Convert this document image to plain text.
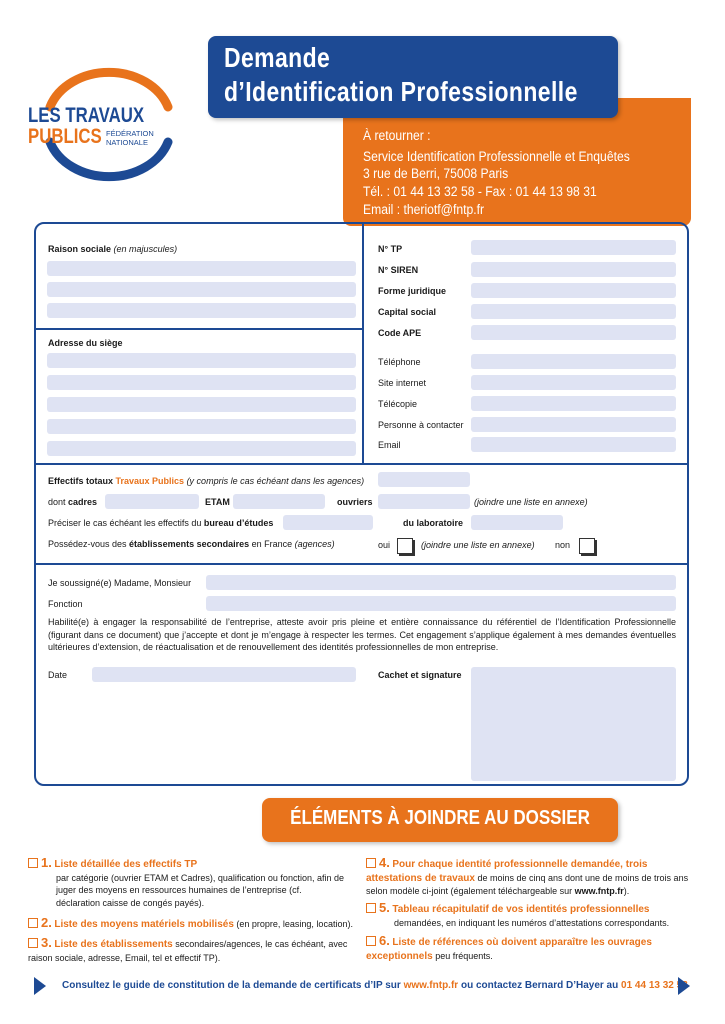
LES TRAVAUX
PUBLICS FÉDÉRATION
NATIONALE	À retourner :
Service Identification Professionnelle et Enquêtes
3 rue de Berri, 75008 Paris
Tél. : 01 44 13 32 58 - Fax : 01 44 13 98 31
Email : theriotf@fntp.fr
Demande
d’Identification Professionnelle
Raison sociale (en majuscules)
Adresse du siège
N° TP
N° SIREN
Forme juridique
Capital social
Code APE
Téléphone
Site internet
Télécopie
Personne à contacter
Email
Effectifs totaux Travaux Publics (y compris le cas échéant dans les agences)
dont cadres	ETAM	ouvriers	(joindre une liste en annexe)
Préciser le cas échéant les effectifs du bureau d’études	du laboratoire
Possédez-vous des établissements secondaires en France (agences)	oui	(joindre une liste en annexe) non
Je soussigné(e) Madame, Monsieur
Fonction
Habilité(e) à engager la responsabilité de l’entreprise, atteste avoir pris pleine et entière connaissance du référentiel de l’Identification Professionnelle (figurant dans ce document) que j’accepte et dont je m’engage à respecter les termes. Cet engagement s’applique également à mes demandes éventuelles ultérieures d’extension, de réactualisation et de renouvellement des identités professionnelles de mon entreprise.
Date	Cachet et signature
ÉLÉMENTS À JOINDRE AU DOSSIER
1. Liste détaillée des effectifs TP
par catégorie (ouvrier ETAM et Cadres), qualification ou fonction, afin de juger des moyens en ressources humaines de l’entreprise (cf. déclaration caisse de congés payés).
2. Liste des moyens matériels mobilisés (en propre, leasing, location).
3. Liste des établissements secondaires/agences, le cas échéant, avec raison sociale, adresse, Email, tel et effectif TP).
4. Pour chaque identité professionnelle demandée, trois attestations de travaux de moins de cinq ans dont une de moins de trois ans selon modèle ci-joint (également téléchargeable sur www.fntp.fr).
5. Tableau récapitulatif de vos identités professionnelles
demandées, en indiquant les numéros d’attestations correspondants.
6. Liste de références où doivent apparaître les ouvrages exceptionnels peu fréquents.
Consultez le guide de constitution de la demande de certificats d’IP sur www.fntp.fr ou contactez Bernard D’Hayer au 01 44 13 32 58
